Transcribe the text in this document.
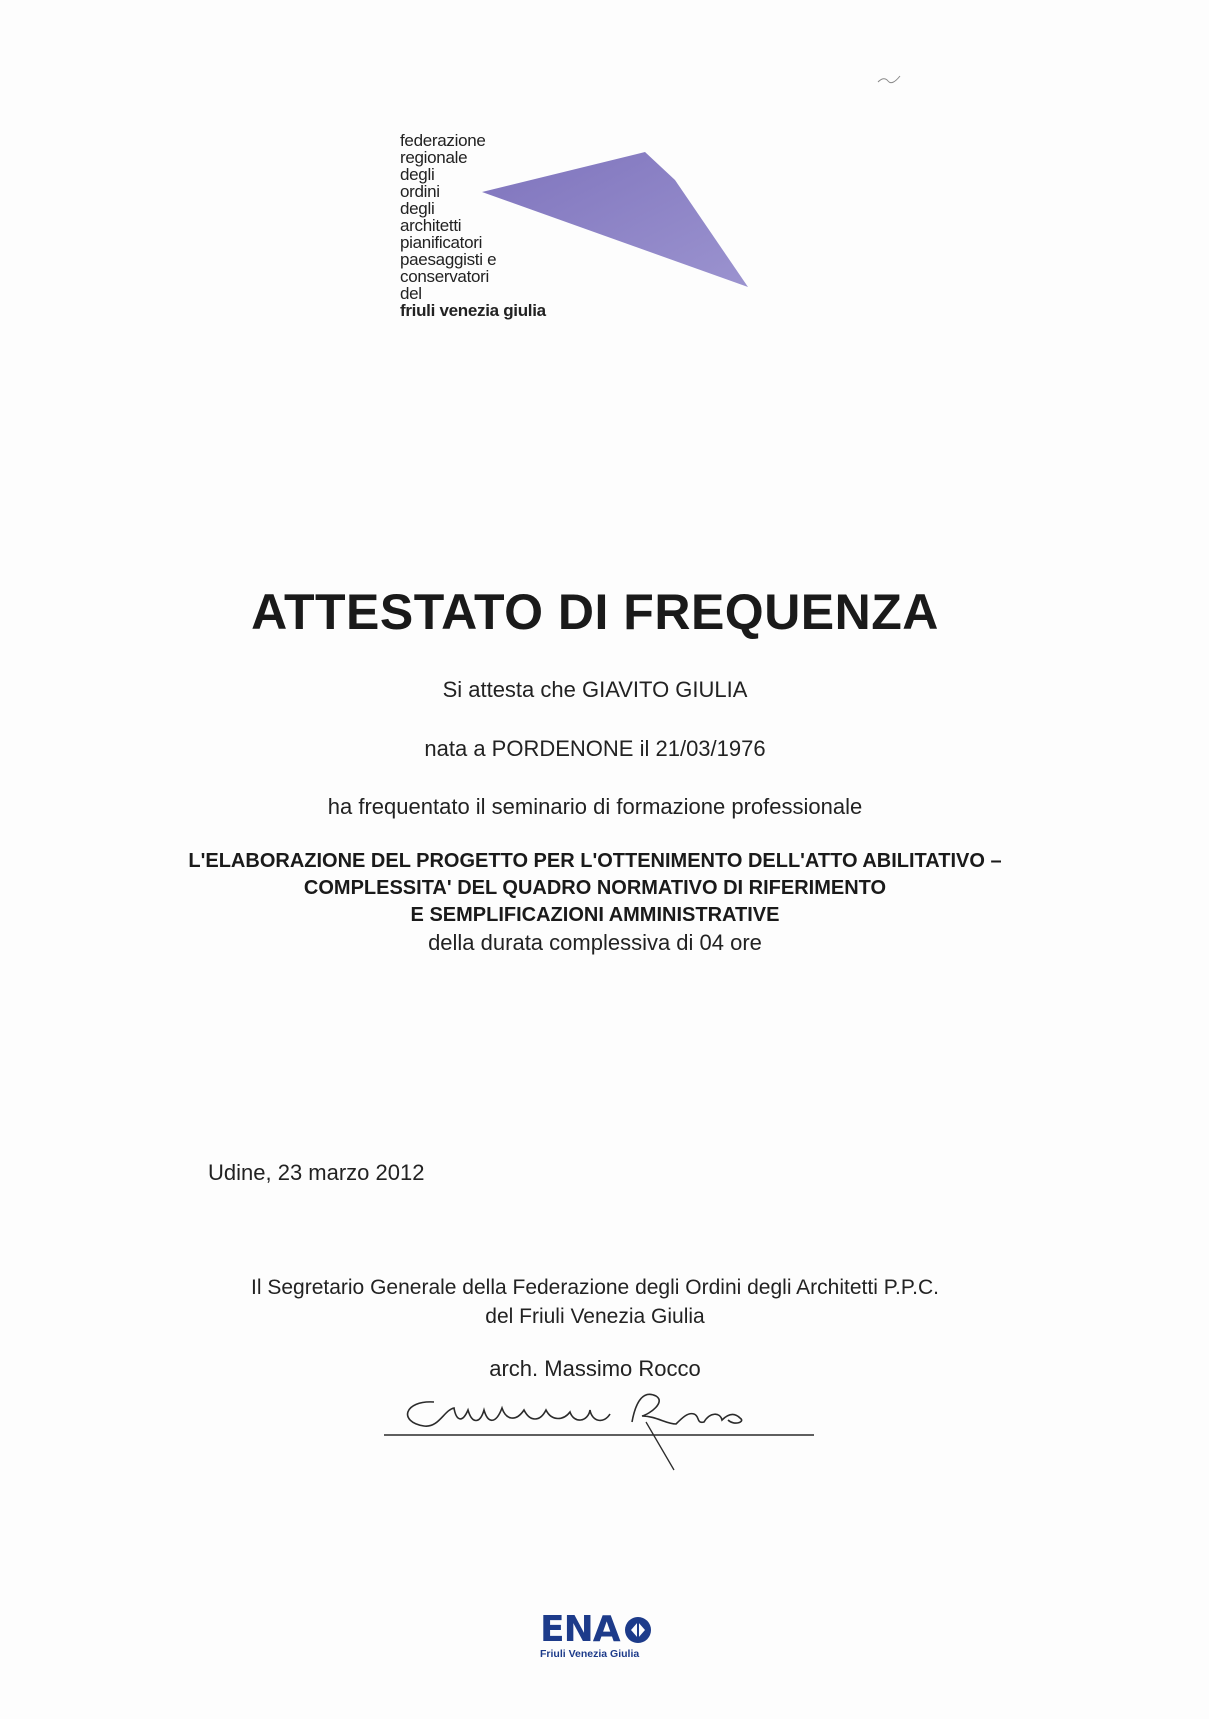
federazione
regionale
degli
ordini
degli
architetti
pianificatori
paesaggisti e
conservatori
del
friuli venezia giulia
ATTESTATO DI FREQUENZA
Si attesta che GIAVITO GIULIA
nata a PORDENONE il 21/03/1976
ha frequentato il seminario di formazione professionale
L'ELABORAZIONE DEL PROGETTO PER L'OTTENIMENTO DELL'ATTO ABILITATIVO –
COMPLESSITA' DEL QUADRO NORMATIVO DI RIFERIMENTO
E SEMPLIFICAZIONI AMMINISTRATIVE
della durata complessiva di 04 ore
Udine, 23 marzo 2012
Il Segretario Generale della Federazione degli Ordini degli Architetti P.P.C.
del Friuli Venezia Giulia
arch. Massimo Rocco
ENA
Friuli Venezia Giulia
